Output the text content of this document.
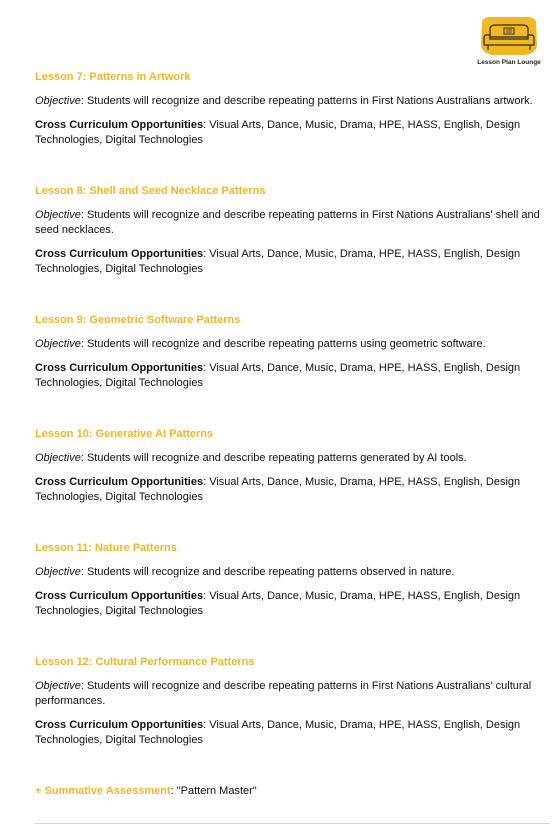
Lesson Plan Lounge
Lesson 7: Patterns in Artwork
Objective: Students will recognize and describe repeating patterns in First Nations Australians artwork.
Cross Curriculum Opportunities: Visual Arts, Dance, Music, Drama, HPE, HASS, English, Design Technologies, Digital Technologies
Lesson 8: Shell and Seed Necklace Patterns
Objective: Students will recognize and describe repeating patterns in First Nations Australians' shell and seed necklaces.
Cross Curriculum Opportunities: Visual Arts, Dance, Music, Drama, HPE, HASS, English, Design Technologies, Digital Technologies
Lesson 9: Geometric Software Patterns
Objective: Students will recognize and describe repeating patterns using geometric software.
Cross Curriculum Opportunities: Visual Arts, Dance, Music, Drama, HPE, HASS, English, Design Technologies, Digital Technologies
Lesson 10: Generative AI Patterns
Objective: Students will recognize and describe repeating patterns generated by AI tools.
Cross Curriculum Opportunities: Visual Arts, Dance, Music, Drama, HPE, HASS, English, Design Technologies, Digital Technologies
Lesson 11: Nature Patterns
Objective: Students will recognize and describe repeating patterns observed in nature.
Cross Curriculum Opportunities: Visual Arts, Dance, Music, Drama, HPE, HASS, English, Design Technologies, Digital Technologies
Lesson 12: Cultural Performance Patterns
Objective: Students will recognize and describe repeating patterns in First Nations Australians' cultural performances.
Cross Curriculum Opportunities: Visual Arts, Dance, Music, Drama, HPE, HASS, English, Design Technologies, Digital Technologies
+ Summative Assessment: "Pattern Master"
